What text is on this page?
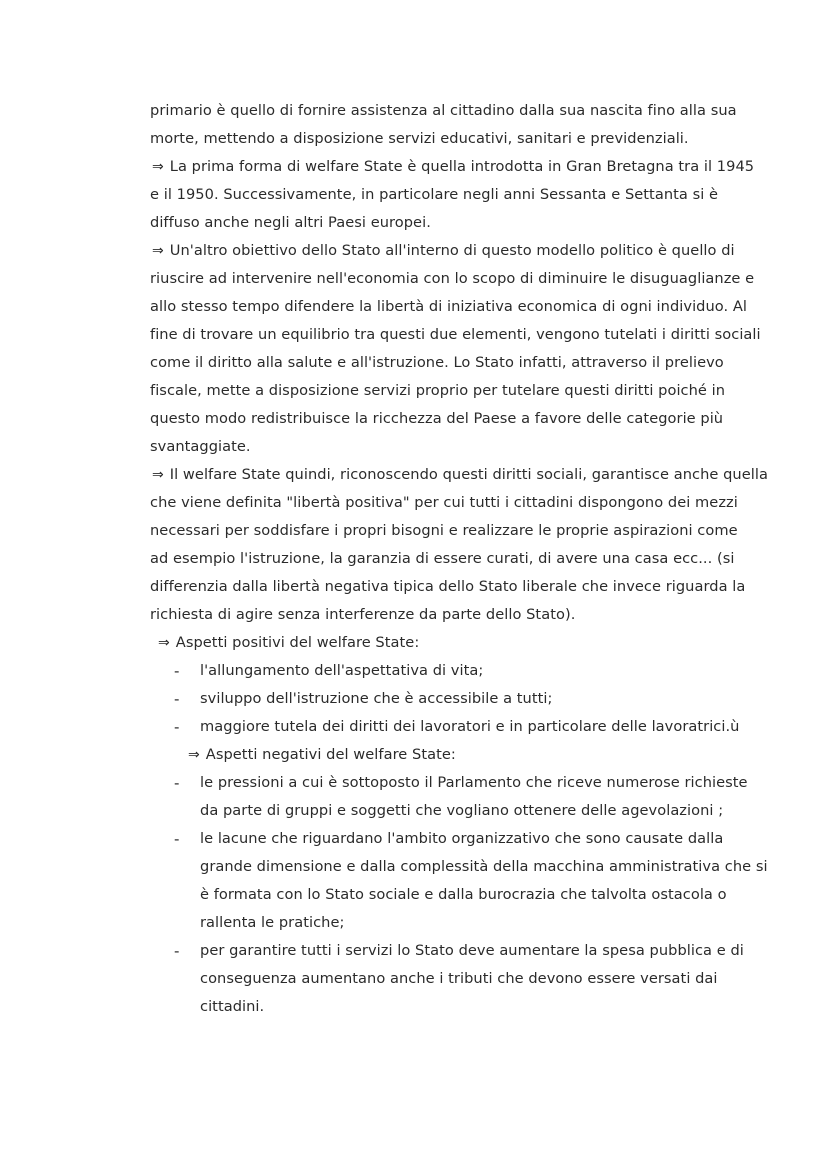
primario è quello di fornire assistenza al cittadino dalla sua nascita fino alla sua
morte, mettendo a disposizione servizi educativi, sanitari e previdenziali.
⇒ La prima forma di welfare State è quella introdotta in Gran Bretagna tra il 1945
e il 1950. Successivamente, in particolare negli anni Sessanta e Settanta si è
diffuso anche negli altri Paesi europei.
⇒ Un'altro obiettivo dello Stato all'interno di questo modello politico è quello di
riuscire ad intervenire nell'economia con lo scopo di diminuire le disuguaglianze e
allo stesso tempo difendere la libertà di iniziativa economica di ogni individuo. Al
fine di trovare un equilibrio tra questi due elementi, vengono tutelati i diritti sociali
come il diritto alla salute e all'istruzione. Lo Stato infatti, attraverso il prelievo
fiscale, mette a disposizione servizi proprio per tutelare questi diritti poiché in
questo modo redistribuisce la ricchezza del Paese a favore delle categorie più
svantaggiate.
⇒ Il welfare State quindi, riconoscendo questi diritti sociali, garantisce anche quella
che viene definita "libertà positiva" per cui tutti i cittadini dispongono dei mezzi
necessari per soddisfare i propri bisogni e realizzare le proprie aspirazioni come
ad esempio l'istruzione, la garanzia di essere curati, di avere una casa ecc... (si
differenzia dalla libertà negativa tipica dello Stato liberale che invece riguarda la
richiesta di agire senza interferenze da parte dello Stato).
⇒ Aspetti positivi del welfare State:
- l'allungamento dell'aspettativa di vita;
- sviluppo dell'istruzione che è accessibile a tutti;
- maggiore tutela dei diritti dei lavoratori e in particolare delle lavoratrici.ù
⇒ Aspetti negativi del welfare State:
- le pressioni a cui è sottoposto il Parlamento che riceve numerose richieste
da parte di gruppi e soggetti che vogliano ottenere delle agevolazioni ;
- le lacune che riguardano l'ambito organizzativo che sono causate dalla
grande dimensione e dalla complessità della macchina amministrativa che si
è formata con lo Stato sociale e dalla burocrazia che talvolta ostacola o
rallenta le pratiche;
- per garantire tutti i servizi lo Stato deve aumentare la spesa pubblica e di
conseguenza aumentano anche i tributi che devono essere versati dai
cittadini.
